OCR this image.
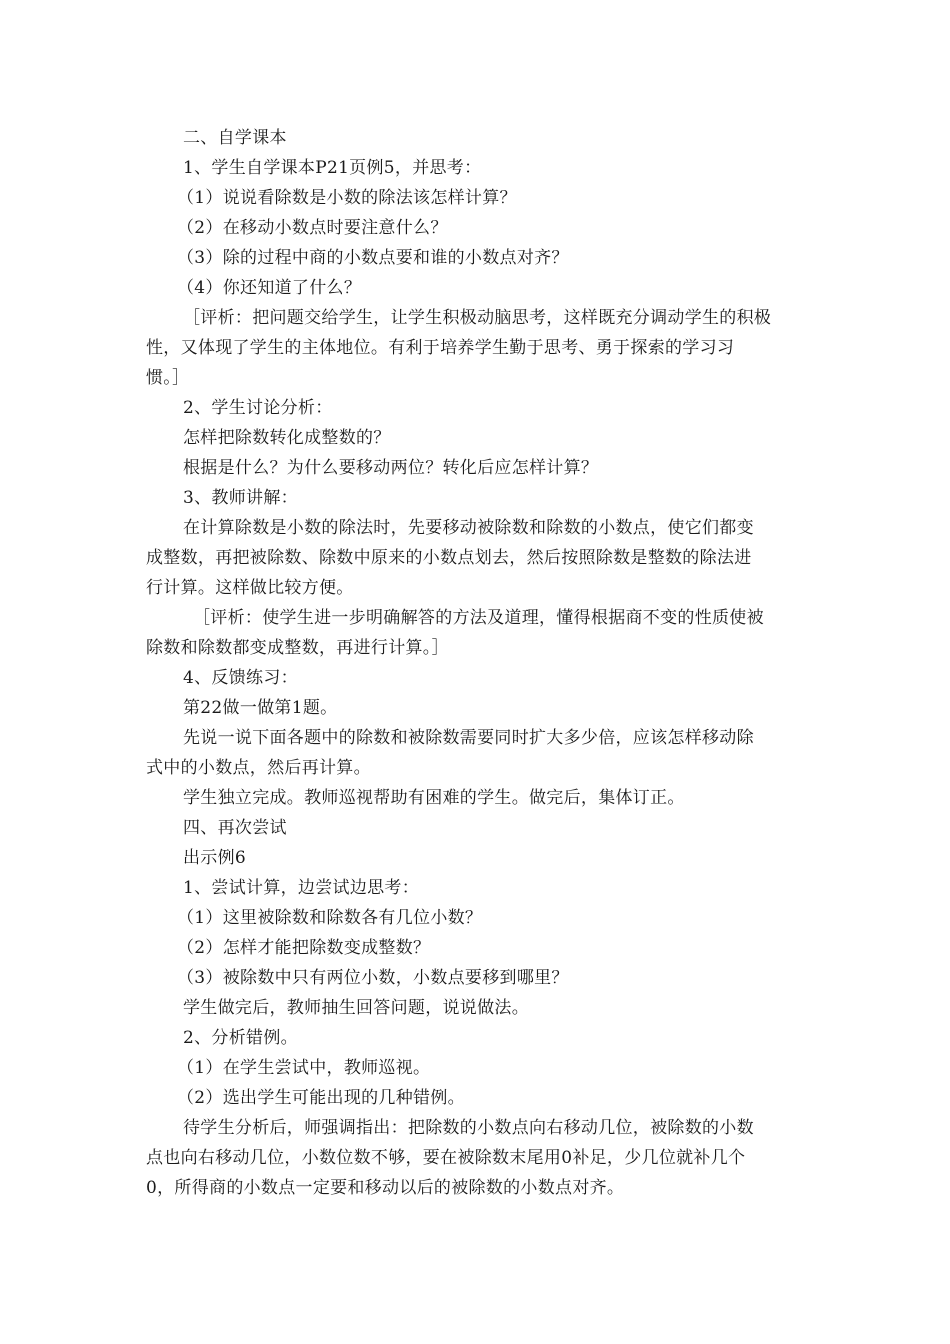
二、自学课本
1、学生自学课本P21页例5，并思考：
（1）说说看除数是小数的除法该怎样计算？
（2）在移动小数点时要注意什么？
（3）除的过程中商的小数点要和谁的小数点对齐？
（4）你还知道了什么？
［评析：把问题交给学生，让学生积极动脑思考，这样既充分调动学生的积极
性，又体现了学生的主体地位。有利于培养学生勤于思考、勇于探索的学习习
惯。］
2、学生讨论分析：
怎样把除数转化成整数的？
根据是什么？为什么要移动两位？转化后应怎样计算？
3、教师讲解：
在计算除数是小数的除法时，先要移动被除数和除数的小数点，使它们都变
成整数，再把被除数、除数中原来的小数点划去，然后按照除数是整数的除法进
行计算。这样做比较方便。
［评析：使学生进一步明确解答的方法及道理，懂得根据商不变的性质使被
除数和除数都变成整数，再进行计算。］
4、反馈练习：
第22做一做第1题。
先说一说下面各题中的除数和被除数需要同时扩大多少倍，应该怎样移动除
式中的小数点，然后再计算。
学生独立完成。教师巡视帮助有困难的学生。做完后，集体订正。
四、再次尝试
出示例6
1、尝试计算，边尝试边思考：
（1）这里被除数和除数各有几位小数？
（2）怎样才能把除数变成整数？
（3）被除数中只有两位小数，小数点要移到哪里？
学生做完后，教师抽生回答问题，说说做法。
2、分析错例。
（1）在学生尝试中，教师巡视。
（2）选出学生可能出现的几种错例。
待学生分析后，师强调指出：把除数的小数点向右移动几位，被除数的小数
点也向右移动几位，小数位数不够，要在被除数末尾用0补足，少几位就补几个
0，所得商的小数点一定要和移动以后的被除数的小数点对齐。
